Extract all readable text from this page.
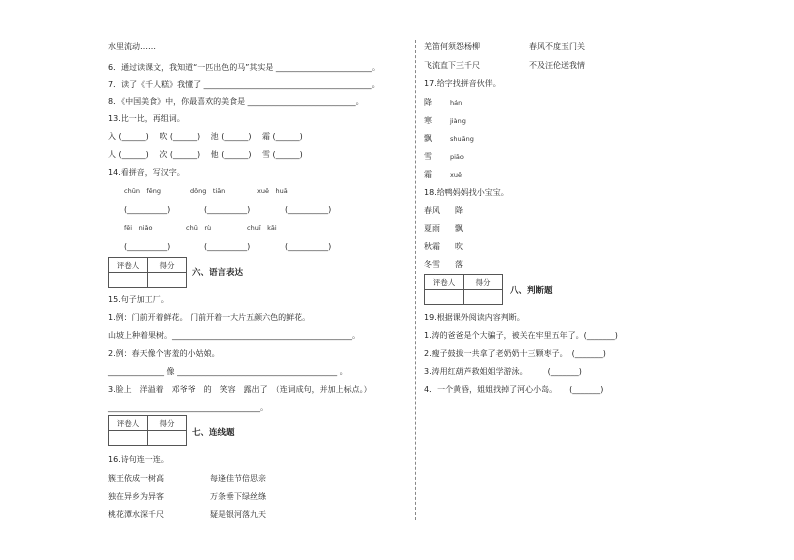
水里流动……
6．通过读课文，我知道“一匹出色的马”其实是 ________________________。
7．读了《千人糕》我懂了 __________________________________________。
8．《中国美食》中，你最喜欢的美食是 ___________________________。
13.比一比，再组词。
入 (______)　 吹 (______)　 池 (______)　 霜 (______)
人 (______)　 次 (______)　 他 (______)　 雪 (______)
14.看拼音，写汉字。
chūn　fēng	dōng　tiān	xuě　huā
(__________)	(__________)	(__________)
fēi　niǎo	chū　rù	chuī　kāi
(__________)	(__________)	(__________)
评卷人	得分

六、语言表达
15.句子加工厂。
1.例：门前开着鲜花。 门前开着一大片五颜六色的鲜花。
山坡上种着果树。_____________________________________________。
2.例：春天像个害羞的小姑娘。
______________ 像 ________________________________________ 。
3.脸上　洋溢着　邓爷爷　的　笑容　露出了　（连词成句，并加上标点。）
______________________________________。
评卷人	得分

七、连线题
16.诗句连一连。
簇王依成一树高	每逢佳节倍思亲
独在异乡为异客	万条垂下绿丝绦
桃花潭水深千尺	疑是银河落九天
羌笛何须怨杨柳	春风不度玉门关
飞流直下三千尺	不及汪伦送我情
17.给字找拼音伙伴。
降	hán
寒	jiàng
飘	shuāng
雪	piāo
霜	xuě
18.给鸭妈妈找小宝宝。
春风 降
夏雨 飘
秋霜 吹
冬雪 落
评卷人	得分

八、判断题
19.根据课外阅读内容判断。
1.涛的爸爸是个大骗子，被关在牢里五年了。(_______)
2.瘦子鼓拔一共拿了老奶奶十三颗枣子。　(_______)
3.涛用红葫芦救姐姐学游泳。　　　(_______)
4．一个黄昏，姐姐找掉了河心小岛。　　(_______)
